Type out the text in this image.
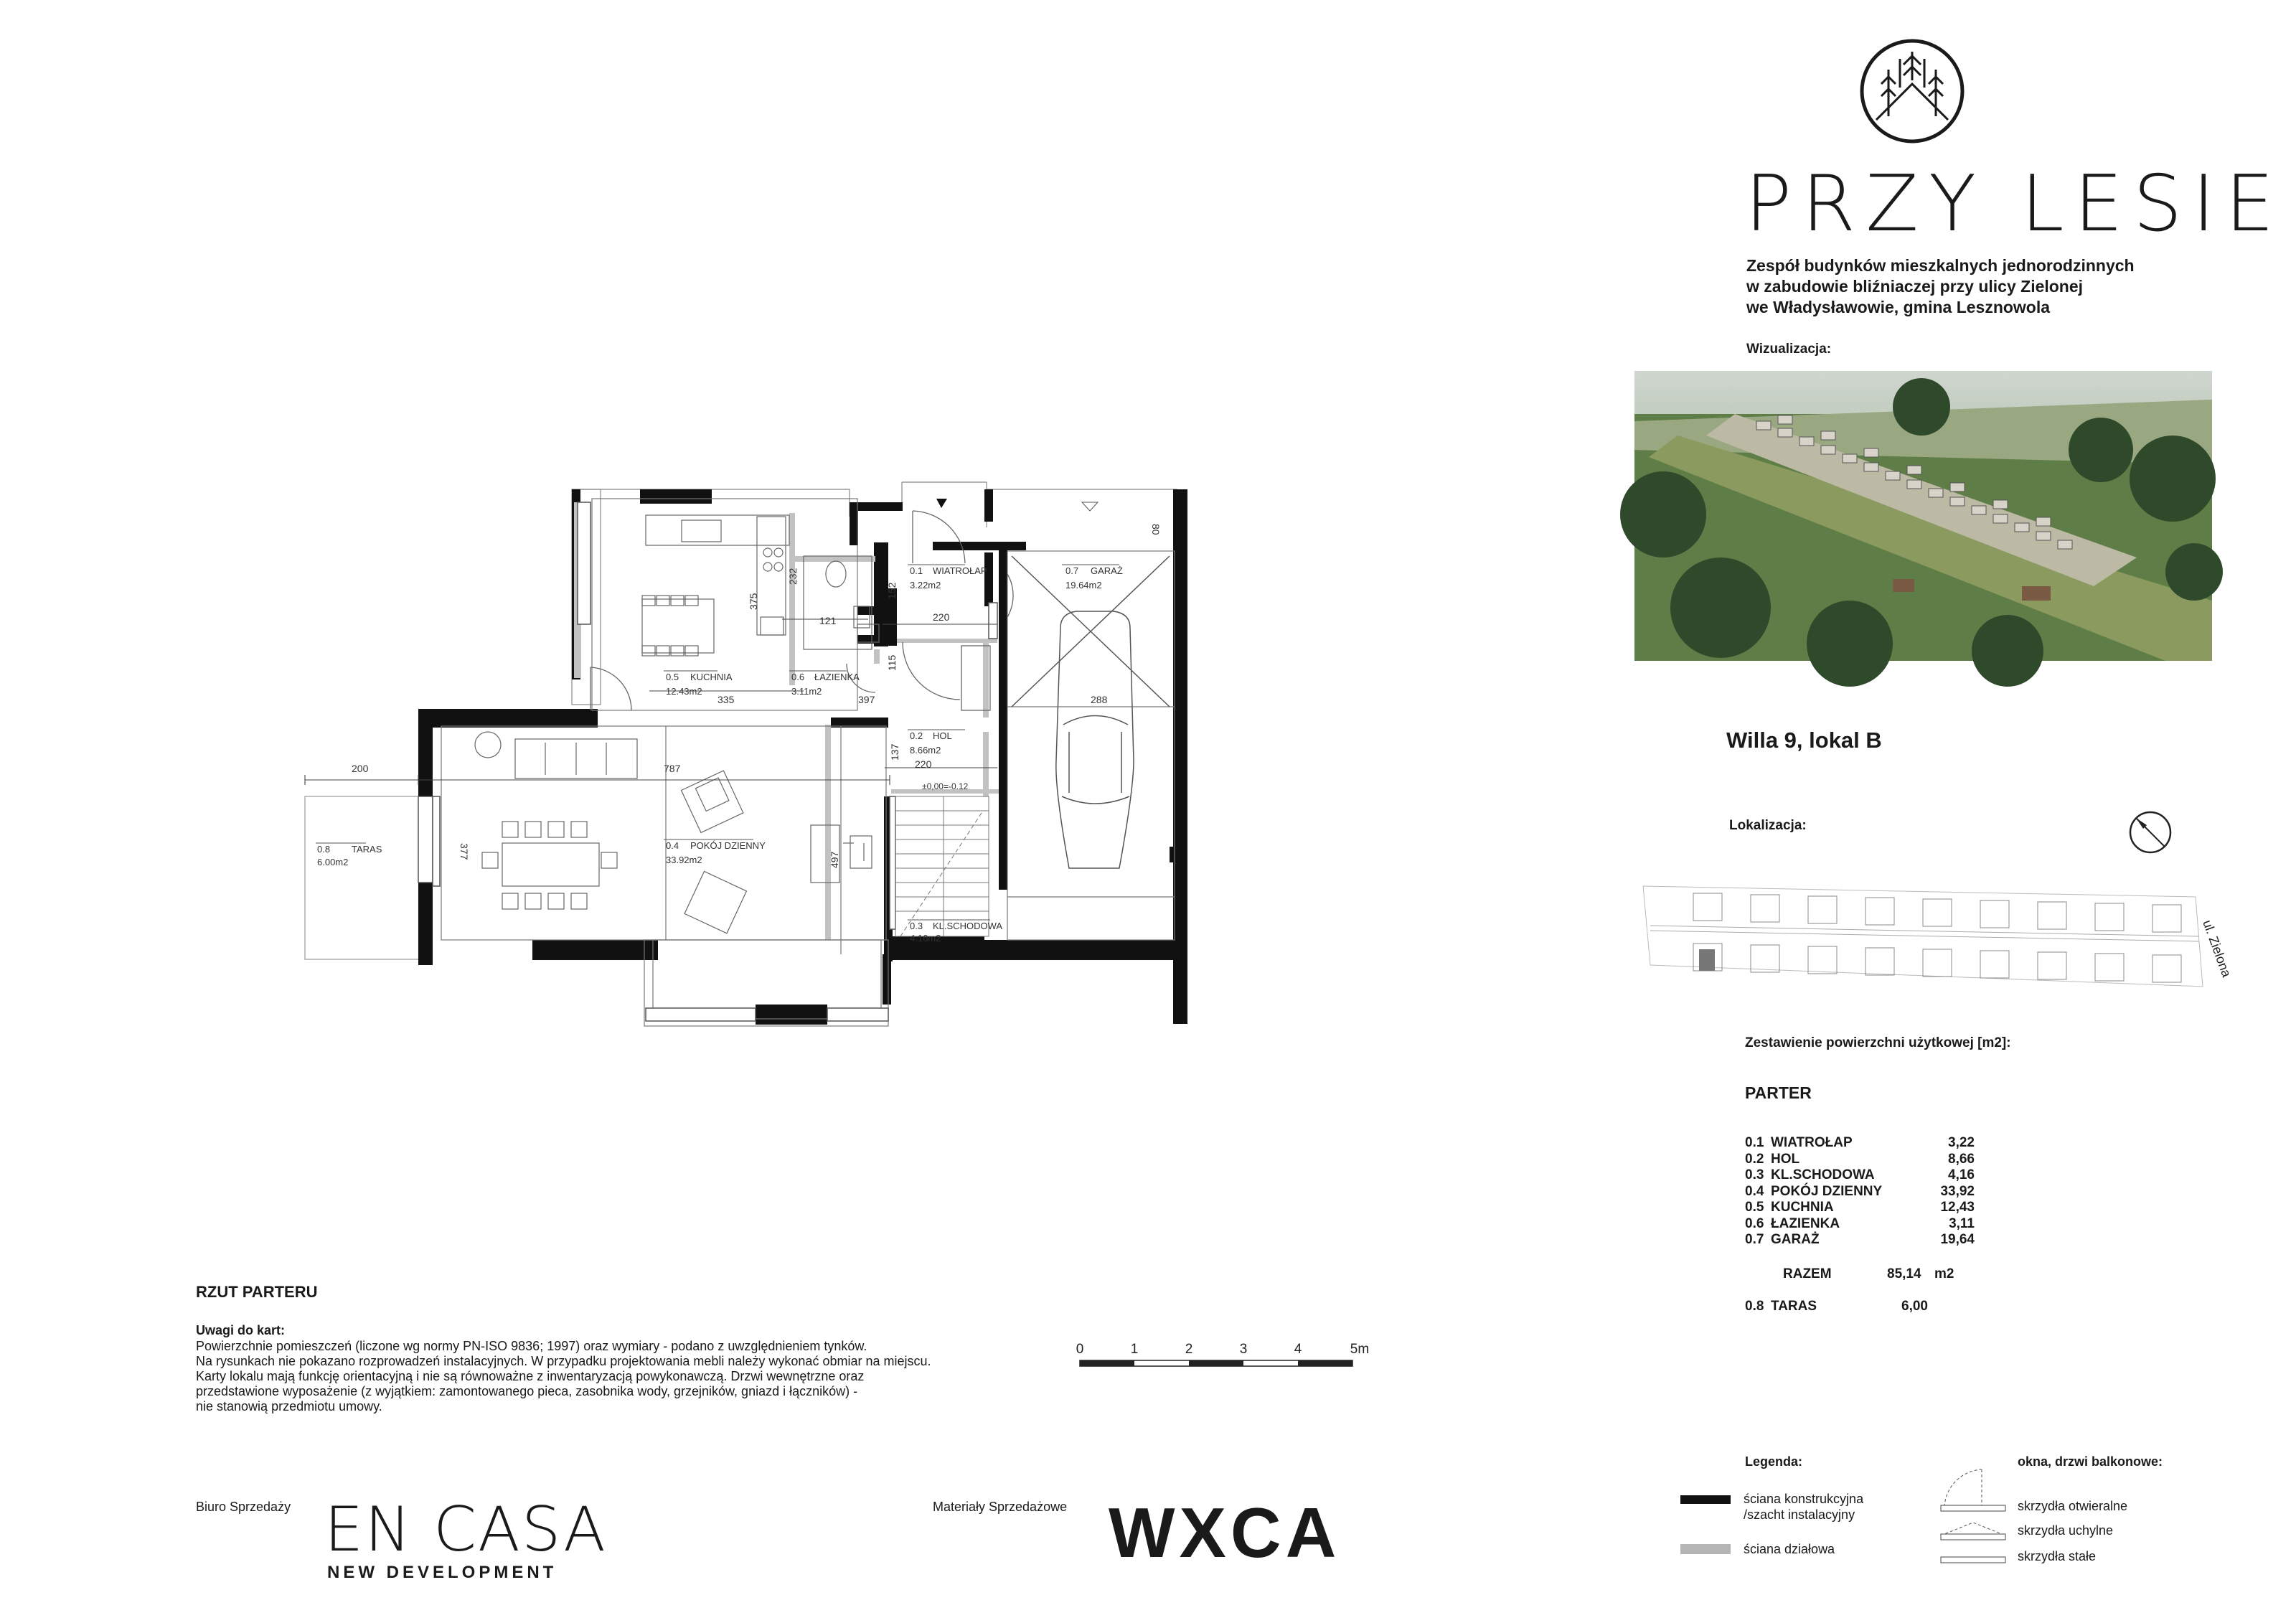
200	787
335	397
121	220
220
288
80
375
232
152
115
137
377	497
±0,00=-0.12
0.1 WIATROŁAP
3.22m2
0.2 HOL
8.66m2
0.3 KL.SCHODOWA
4.16m2
0.4 POKÓJ DZIENNY
33.92m2
0.5 KUCHNIA
12.43m2
0.6 ŁAZIENKA
3.11m2
0.7 GARAŻ
19.64m2
0.8 TARAS
6.00m2
0	1	2	3	4	5m
PRZY LESIE
Zespół budynków mieszkalnych jednorodzinnych
w zabudowie bliźniaczej przy ulicy Zielonej
we Władysławowie, gmina Lesznowola
Wizualizacja:
Willa 9, lokal B
Lokalizacja:
ul. Zielona
Zestawienie powierzchni użytkowej [m2]:
PARTER
0.1 WIATROŁAP	3,22
0.2 HOL	8,66
0.3 KL.SCHODOWA	4,16
0.4 POKÓJ DZIENNY	33,92
0.5 KUCHNIA	12,43
0.6 ŁAZIENKA	3,11
0.7 GARAŻ	19,64
RAZEM	85,14 m2
0.8 TARAS	6,00
RZUT PARTERU
Uwagi do kart:
Powierzchnie pomieszczeń (liczone wg normy PN-ISO 9836; 1997) oraz wymiary - podano z uwzględnieniem tynków.
Na rysunkach nie pokazano rozprowadzeń instalacyjnych. W przypadku projektowania mebli należy wykonać obmiar na miejscu.
Karty lokalu mają funkcję orientacyjną i nie są równoważne z inwentaryzacją powykonawczą. Drzwi wewnętrzne oraz
przedstawione wyposażenie (z wyjątkiem: zamontowanego pieca, zasobnika wody, grzejników, gniazd i łączników) -
nie stanowią przedmiotu umowy.
Biuro Sprzedaży EN CASA
NEW DEVELOPMENT
Materiały Sprzedażowe WXCA
Legenda:
ściana konstrukcyjna
/szacht instalacyjny
ściana działowa
okna, drzwi balkonowe:
skrzydła otwieralne
skrzydła uchylne
skrzydła stałe
